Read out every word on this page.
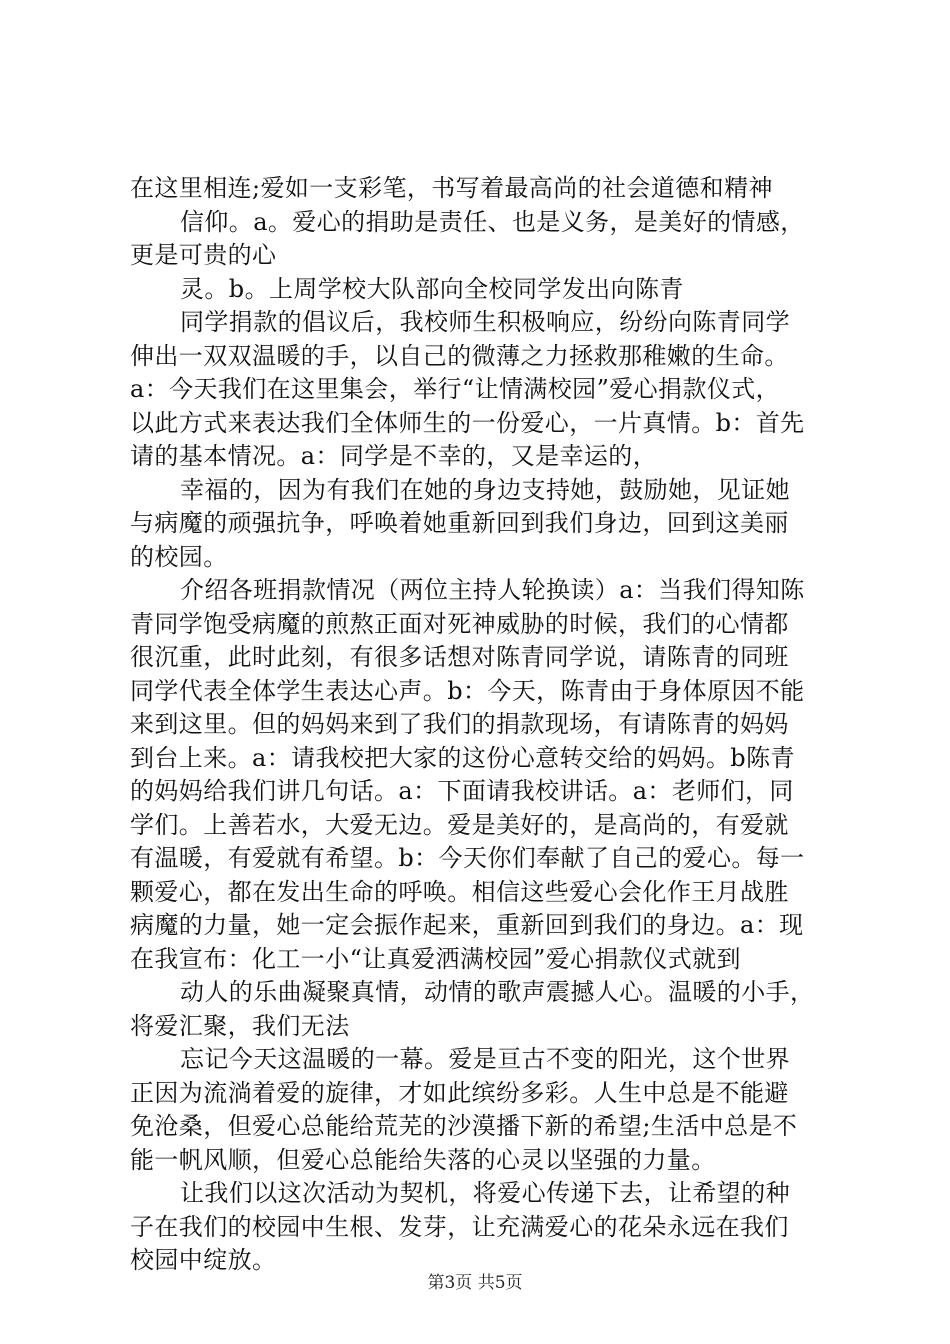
在这里相连;爱如一支彩笔，书写着最高尚的社会道德和精神
信仰。a。爱心的捐助是责任、也是义务，是美好的情感，
更是可贵的心
灵。b。上周学校大队部向全校同学发出向陈青
同学捐款的倡议后，我校师生积极响应，纷纷向陈青同学
伸出一双双温暖的手，以自己的微薄之力拯救那稚嫩的生命。
a：今天我们在这里集会，举行“让情满校园”爱心捐款仪式，
以此方式来表达我们全体师生的一份爱心，一片真情。b：首先
请的基本情况。a：同学是不幸的，又是幸运的，
幸福的，因为有我们在她的身边支持她，鼓励她，见证她
与病魔的顽强抗争，呼唤着她重新回到我们身边，回到这美丽
的校园。
介绍各班捐款情况（两位主持人轮换读）a：当我们得知陈
青同学饱受病魔的煎熬正面对死神威胁的时候，我们的心情都
很沉重，此时此刻，有很多话想对陈青同学说，请陈青的同班
同学代表全体学生表达心声。b：今天，陈青由于身体原因不能
来到这里。但的妈妈来到了我们的捐款现场，有请陈青的妈妈
到台上来。a：请我校把大家的这份心意转交给的妈妈。b陈青
的妈妈给我们讲几句话。a：下面请我校讲话。a：老师们，同
学们。上善若水，大爱无边。爱是美好的，是高尚的，有爱就
有温暖，有爱就有希望。b：今天你们奉献了自己的爱心。每一
颗爱心，都在发出生命的呼唤。相信这些爱心会化作王月战胜
病魔的力量，她一定会振作起来，重新回到我们的身边。a：现
在我宣布：化工一小“让真爱洒满校园”爱心捐款仪式就到
动人的乐曲凝聚真情，动情的歌声震撼人心。温暖的小手，
将爱汇聚，我们无法
忘记今天这温暖的一幕。爱是亘古不变的阳光，这个世界
正因为流淌着爱的旋律，才如此缤纷多彩。人生中总是不能避
免沧桑，但爱心总能给荒芜的沙漠播下新的希望;生活中总是不
能一帆风顺，但爱心总能给失落的心灵以坚强的力量。
让我们以这次活动为契机，将爱心传递下去，让希望的种
子在我们的校园中生根、发芽，让充满爱心的花朵永远在我们
校园中绽放。
第3页 共5页
